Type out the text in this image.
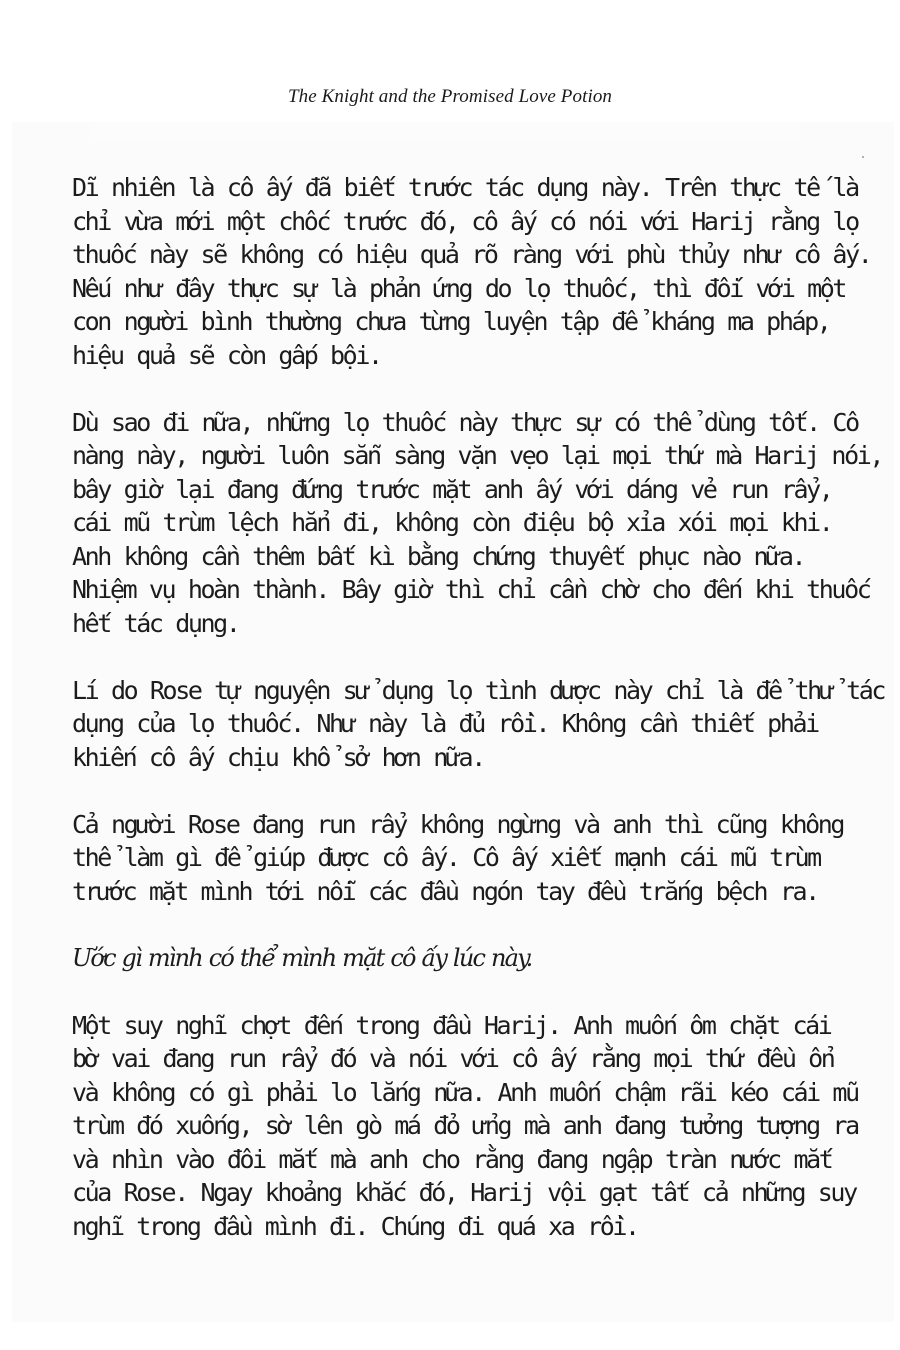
The Knight and the Promised Love Potion

Dĩ nhiên là cô ấy đã biết trước tác dụng này. Trên thực tế là
chỉ vừa mới một chốc trước đó, cô ấy có nói với Harij rằng lọ
thuốc này sẽ không có hiệu quả rõ ràng với phù thủy như cô ấy.
Nếu như đây thực sự là phản ứng do lọ thuốc, thì đối với một
con người bình thường chưa từng luyện tập để kháng ma pháp,
hiệu quả sẽ còn gấp bội.

Dù sao đi nữa, những lọ thuốc này thực sự có thể dùng tốt. Cô
nàng này, người luôn sẵn sàng vặn vẹo lại mọi thứ mà Harij nói,
bây giờ lại đang đứng trước mặt anh ấy với dáng vẻ run rẩy,
cái mũ trùm lệch hẳn đi, không còn điệu bộ xỉa xói mọi khi.
Anh không cần thêm bất kì bằng chứng thuyết phục nào nữa.
Nhiệm vụ hoàn thành. Bây giờ thì chỉ cần chờ cho đến khi thuốc
hết tác dụng.

Lí do Rose tự nguyện sử dụng lọ tình dược này chỉ là để thử tác
dụng của lọ thuốc. Như này là đủ rồi. Không cần thiết phải
khiến cô ấy chịu khổ sở hơn nữa.

Cả người Rose đang run rẩy không ngừng và anh thì cũng không
thể làm gì để giúp được cô ấy. Cô ấy xiết mạnh cái mũ trùm
trước mặt mình tới nỗi các đầu ngón tay đều trắng bệch ra.

Ước gì mình có thể mình mặt cô ấy lúc này.

Một suy nghĩ chợt đến trong đầu Harij. Anh muốn ôm chặt cái
bờ vai đang run rẩy đó và nói với cô ấy rằng mọi thứ đều ổn
và không có gì phải lo lắng nữa. Anh muốn chậm rãi kéo cái mũ
trùm đó xuống, sờ lên gò má đỏ ửng mà anh đang tưởng tượng ra
và nhìn vào đôi mắt mà anh cho rằng đang ngập tràn nước mắt
của Rose. Ngay khoảng khắc đó, Harij vội gạt tất cả những suy
nghĩ trong đầu mình đi. Chúng đi quá xa rồi.
